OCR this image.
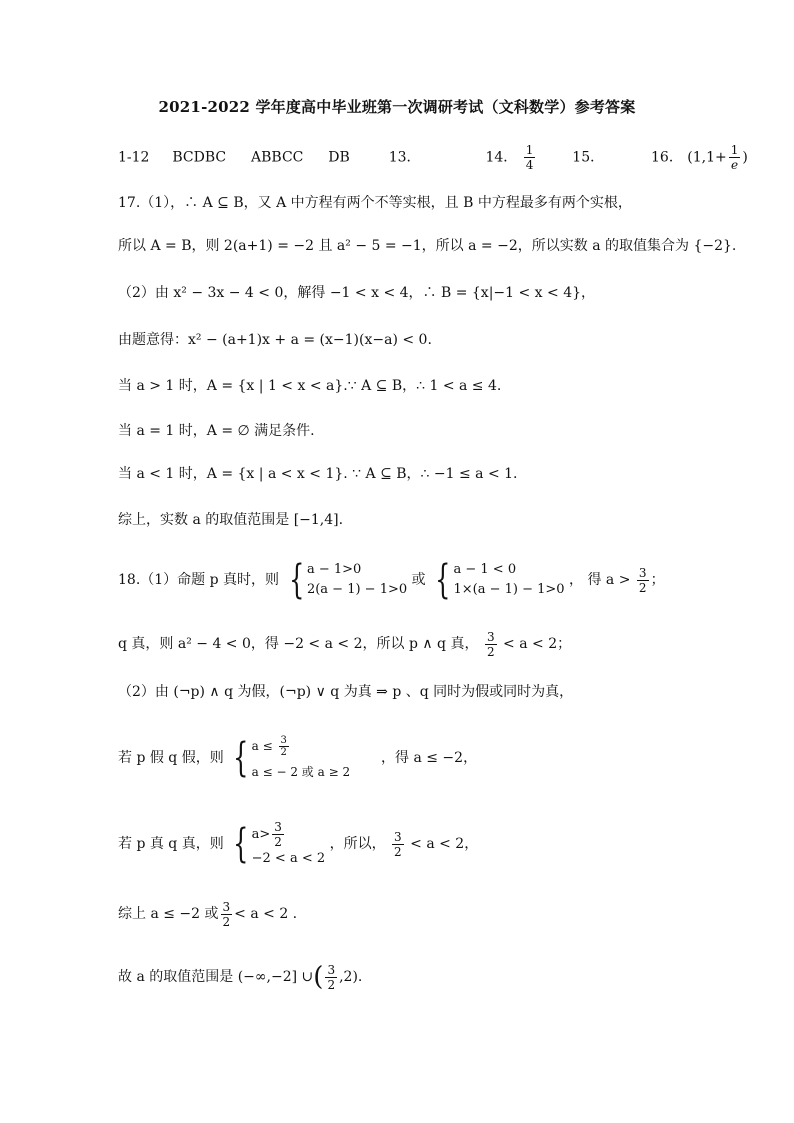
2021-2022 学年度高中毕业班第一次调研考试（文科数学）参考答案
1-12 BCDBC ABBCC DB	13．	14． $\frac{1}{4}$	15．	16． ($1,1+ \frac{1}{e}$ )
17.（1），∴ A ⊆ B，又 A 中方程有两个不等实根，且 B 中方程最多有两个实根，
所以 A = B，则 2(a+1) = −2 且 a² − 5 = −1，所以 a = −2，所以实数 a 的取值集合为 {−2}.
（2）由 x² − 3x − 4 < 0，解得 −1 < x < 4，∴ B = {x|−1 < x < 4}，
由题意得：x² − (a+1)x + a = (x−1)(x−a) < 0.
当 a > 1 时，A = {x | 1 < x < a}.∵ A ⊆ B，∴ 1 < a ≤ 4.
当 a = 1 时，A = ∅ 满足条件.
当 a < 1 时，A = {x | a < x < 1}. ∵ A ⊆ B，∴ −1 ≤ a < 1.
综上，实数 a 的取值范围是 [−1,4].
18.（1）命题 p 真时，则 { a − 1>0
2(a − 1) − 1>0
或 { a − 1 < 0
1×(a − 1) − 1>0
， 得 $a > \frac{3}{2}$ ；
q 真，则 a² − 4 < 0，得 −2 < a < 2，所以 p ∧ q 真， $\frac{3}{2} < a < 2$；
（2）由 (¬p) ∧ q 为假，(¬p) ∨ q 为真 ⇒ p 、q 同时为假或同时为真，
若 p 假 q 假，则 { $a \le \frac{3}{2}$
a ≤ − 2 或 a ≥ 2
，得 a ≤ −2，
若 p 真 q 真，则 { $a> \frac{3}{2}$
−2 < a < 2
，所以， $\frac{3}{2} < a < 2$，
综上 a ≤ −2 或 $\frac{3}{2} < a < 2$ .
故 a 的取值范围是 (−∞,−2] ∪( $\frac{3}{2} ,2$).
